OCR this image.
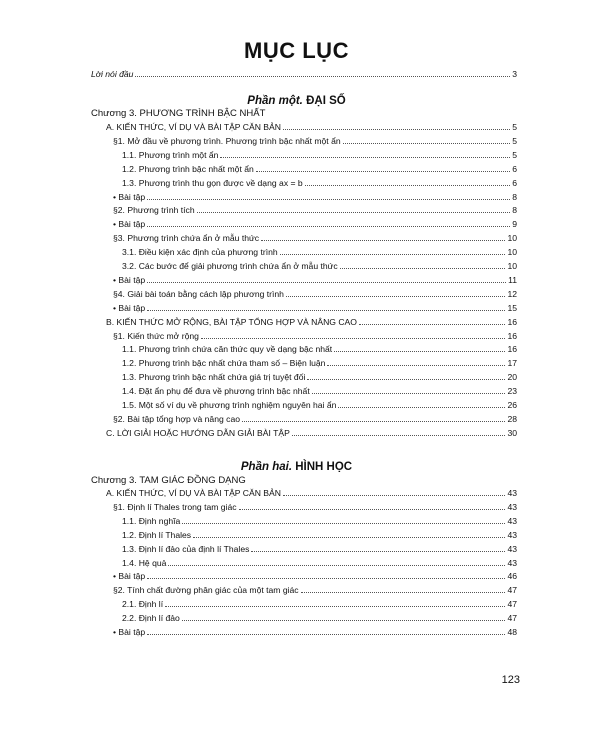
MỤC LỤC
Lời nói đầu	3
Phần một. ĐẠI SỐ
Chương 3. PHƯƠNG TRÌNH BẬC NHẤT
A. KIẾN THỨC, VÍ DỤ VÀ BÀI TẬP CĂN BẢN	5
§1. Mở đầu về phương trình. Phương trình bậc nhất một ẩn	5
1.1. Phương trình một ẩn	5
1.2. Phương trình bậc nhất một ẩn	6
1.3. Phương trình thu gọn được về dạng ax = b	6
• Bài tập	8
§2. Phương trình tích	8
• Bài tập	9
§3. Phương trình chứa ẩn ở mẫu thức	10
3.1. Điều kiện xác định của phương trình	10
3.2. Các bước để giải phương trình chứa ẩn ở mẫu thức	10
• Bài tập	11
§4. Giải bài toán bằng cách lập phương trình	12
• Bài tập	15
B. KIẾN THỨC MỞ RỘNG, BÀI TẬP TỔNG HỢP VÀ NÂNG CAO	16
§1. Kiến thức mở rộng	16
1.1. Phương trình chứa căn thức quy về dạng bậc nhất	16
1.2. Phương trình bậc nhất chứa tham số – Biện luận	17
1.3. Phương trình bậc nhất chứa giá trị tuyệt đối	20
1.4. Đặt ẩn phụ để đưa về phương trình bậc nhất	23
1.5. Một số ví dụ về phương trình nghiệm nguyên hai ẩn	26
§2. Bài tập tổng hợp và nâng cao	28
C. LỜI GIẢI HOẶC HƯỚNG DẪN GIẢI BÀI TẬP	30
Phần hai. HÌNH HỌC
Chương 3. TAM GIÁC ĐỒNG DẠNG
A. KIẾN THỨC, VÍ DỤ VÀ BÀI TẬP CĂN BẢN	43
§1. Định lí Thales trong tam giác	43
1.1. Định nghĩa	43
1.2. Định lí Thales	43
1.3. Định lí đảo của định lí Thales	43
1.4. Hệ quả	43
• Bài tập	46
§2. Tính chất đường phân giác của một tam giác	47
2.1. Định lí	47
2.2. Định lí đảo	47
• Bài tập	48
123
